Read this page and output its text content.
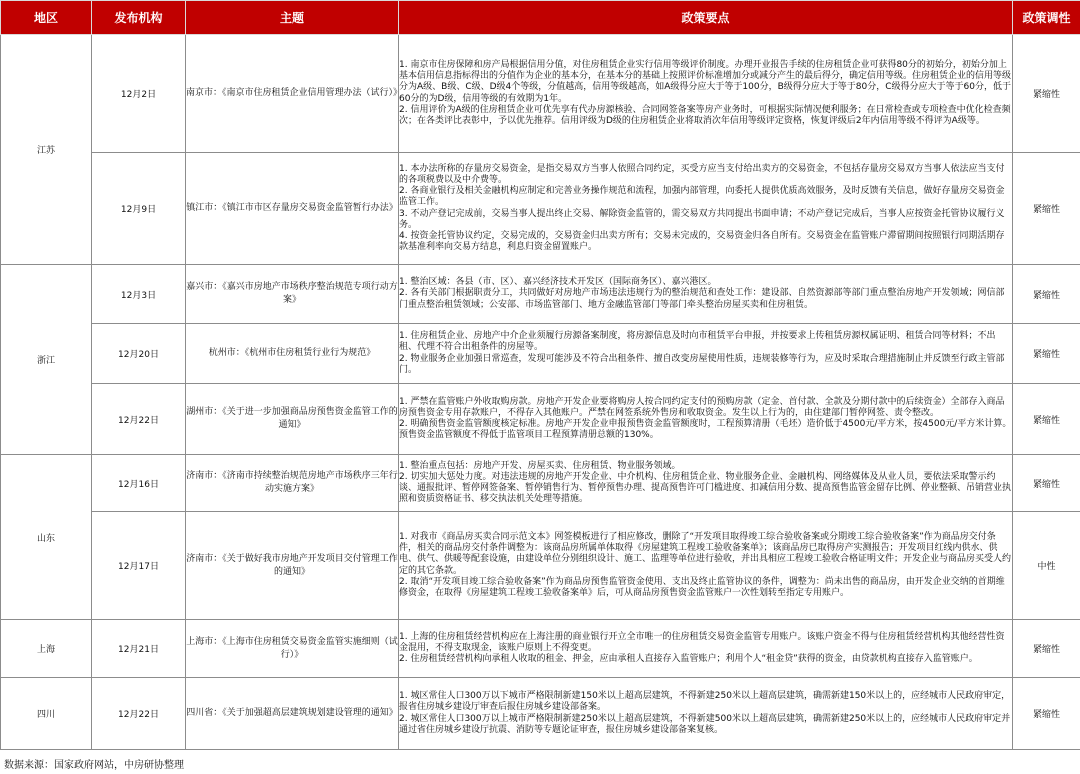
地区	发布机构	主题	政策要点	政策调性
江苏	12月2日	南京市：《南京市住房租赁企业信用管理办法（试行）》	1. 南京市住房保障和房产局根据信用分值，对住房租赁企业实行信用等级评价制度。办理开业报告手续的住房租赁企业可获得80分的初始分，初始分加上基本信用信息指标得出的分值作为企业的基本分，在基本分的基础上按照评价标准增加分或减分产生的最后得分，确定信用等级。住房租赁企业的信用等级分为A级、B级、C级、D级4个等级，分值越高，信用等级越高，如A级得分应大于等于100分，B级得分应大于等于80分，C级得分应大于等于60分，低于60分的为D级，信用等级的有效期为1年。
2. 信用评价为A级的住房租赁企业可优先享有代办房源核验、合同网签备案等房产业务时，可根据实际情况便利服务；在日常检查或专项检查中优化检查频次；在各类评比表彰中，予以优先推荐。信用评级为D级的住房租赁企业将取消次年信用等级评定资格，恢复评级后2年内信用等级不得评为A级等。	紧缩性
	12月9日	镇江市：《镇江市市区存量房交易资金监管暂行办法》	1. 本办法所称的存量房交易资金，是指交易双方当事人依照合同约定，买受方应当支付给出卖方的交易资金，不包括存量房交易双方当事人依法应当支付的各项税费以及中介费等。
2. 各商业银行及相关金融机构应制定和完善业务操作规范和流程，加强内部管理，向委托人提供优质高效服务，及时反馈有关信息，做好存量房交易资金监管工作。
3. 不动产登记完成前，交易当事人提出终止交易、解除资金监管的，需交易双方共同提出书面申请；不动产登记完成后，当事人应按资金托管协议履行义务。
4. 按资金托管协议约定，交易完成的，交易资金归出卖方所有；交易未完成的，交易资金归各自所有。交易资金在监管账户滞留期间按照银行同期活期存款基准利率向交易方结息，利息归资金留置账户。	紧缩性
浙江	12月3日	嘉兴市：《嘉兴市房地产市场秩序整治规范专项行动方案》	1. 整治区域：各县（市、区）、嘉兴经济技术开发区（国际商务区）、嘉兴港区。
2. 各有关部门根据职责分工，共同做好对房地产市场违法违规行为的整治规范和查处工作：建设部、自然资源部等部门重点整治房地产开发领域；网信部门重点整治租赁领域；公安部、市场监管部门、地方金融监管部门等部门牵头整治房屋买卖和住房租赁。	紧缩性
	12月20日	杭州市：《杭州市住房租赁行业行为规范》	1. 住房租赁企业、房地产中介企业须履行房源备案制度，将房源信息及时向市租赁平台申报，并按要求上传租赁房源权属证明、租赁合同等材料；不出租、代理不符合出租条件的房屋等。
2. 物业服务企业加强日常巡查，发现可能涉及不符合出租条件、擅自改变房屋使用性质，违规装修等行为，应及时采取合理措施制止并反馈至行政主管部门。	紧缩性
	12月22日	湖州市：《关于进一步加强商品房预售资金监管工作的通知》	1. 严禁在监管账户外收取购房款。房地产开发企业要将购房人按合同约定支付的预购房款（定金、首付款、全款及分期付款中的后续资金）全部存入商品房预售资金专用存款账户，不得存入其他账户。严禁在网签系统外售房和收取资金。发生以上行为的，由住建部门暂停网签、责令整改。
2. 明确预售资金监管额度核定标准。房地产开发企业申报预售资金监管额度时，工程预算清册（毛坯）造价低于4500元/平方米，按4500元/平方米计算。预售资金监管额度不得低于监管项目工程预算清册总额的130%。	紧缩性
山东	12月16日	济南市：《济南市持续整治规范房地产市场秩序三年行动实施方案》	1. 整治重点包括：房地产开发、房屋买卖、住房租赁、物业服务领域。
2. 切实加大惩处力度。对违法违规的房地产开发企业、中介机构、住房租赁企业、物业服务企业、金融机构、网络媒体及从业人员，要依法采取警示约谈、通报批评、暂停网签备案、暂停销售行为、暂停预售办理、提高预售许可门槛进度、扣减信用分数、提高预售监管金留存比例、停业整顿、吊销营业执照和资质资格证书、移交执法机关处理等措施。	紧缩性
	12月17日	济南市：《关于做好我市房地产开发项目交付管理工作的通知》	1. 对我市《商品房买卖合同示范文本》网签模板进行了相应修改，删除了“开发项目取得竣工综合验收备案或分期竣工综合验收备案”作为商品房交付条件，相关的商品房交付条件调整为：该商品房所属单体取得《房屋建筑工程竣工验收备案单》；该商品房已取得房产实测报告；开发项目红线内供水、供电、供气、供暖等配套设施，由建设单位分别组织设计、施工、监理等单位进行验收，并出具相应工程竣工验收合格证明文件；开发企业与商品房买受人约定的其它条款。
2. 取消“开发项目竣工综合验收备案”作为商品房预售监管资金使用、支出及终止监管协议的条件，调整为：尚未出售的商品房，由开发企业交纳的首期维修资金，在取得《房屋建筑工程竣工验收备案单》后，可从商品房预售资金监管账户一次性划转至指定专用账户。	中性
上海	12月21日	上海市：《上海市住房租赁交易资金监管实施细则（试行）》	1. 上海的住房租赁经营机构应在上海注册的商业银行开立全市唯一的住房租赁交易资金监管专用账户。该账户资金不得与住房租赁经营机构其他经营性资金混用，不得支取现金，该账户原则上不得变更。
2. 住房租赁经营机构向承租人收取的租金、押金，应由承租人直接存入监管账户；利用个人“租金贷”获得的资金，由贷款机构直接存入监管账户。	紧缩性
四川	12月22日	四川省：《关于加强超高层建筑规划建设管理的通知》	1. 城区常住人口300万以下城市严格限制新建150米以上超高层建筑，不得新建250米以上超高层建筑，确需新建150米以上的，应经城市人民政府审定，报省住房城乡建设厅审查后报住房城乡建设部备案。
2. 城区常住人口300万以上城市严格限制新建250米以上超高层建筑，不得新建500米以上超高层建筑，确需新建250米以上的，应经城市人民政府审定并通过省住房城乡建设厅抗震、消防等专题论证审查，报住房城乡建设部备案复核。	紧缩性
数据来源：国家政府网站，中房研协整理
